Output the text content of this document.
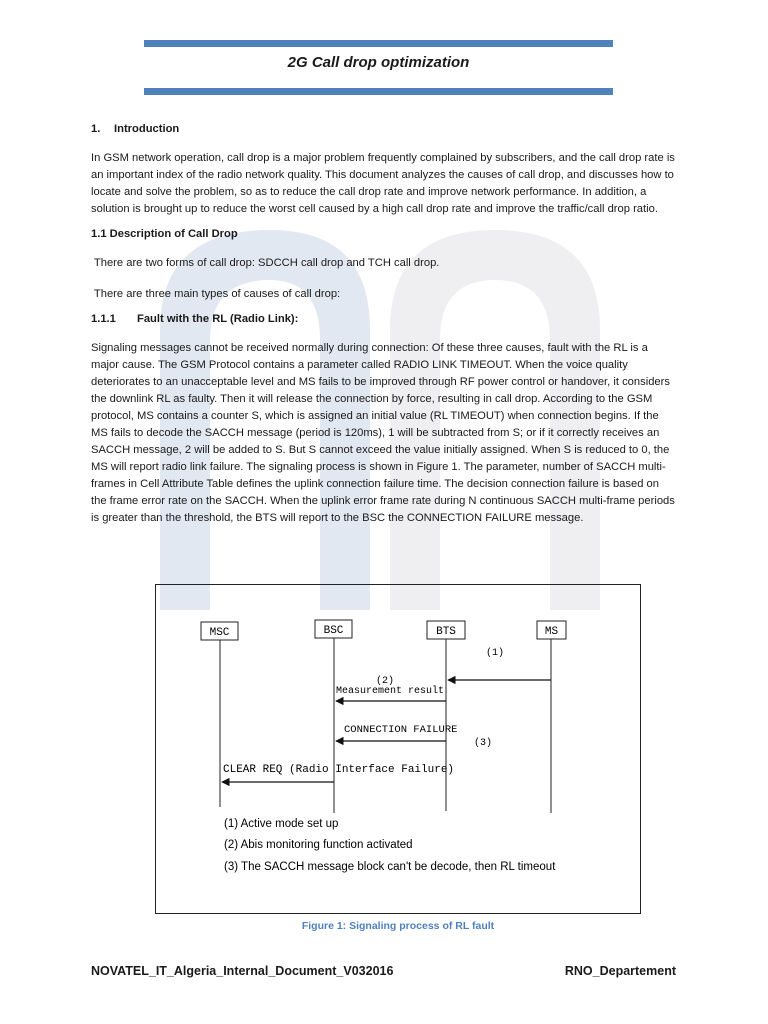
2G Call drop optimization

1. Introduction

In GSM network operation, call drop is a major problem frequently complained by subscribers, and the call drop rate is an important index of the radio network quality. This document analyzes the causes of call drop, and discusses how to locate and solve the problem, so as to reduce the call drop rate and improve network performance. In addition, a solution is brought up to reduce the worst cell caused by a high call drop rate and improve the traffic/call drop ratio.

1.1 Description of Call Drop

There are two forms of call drop: SDCCH call drop and TCH call drop.

There are three main types of causes of call drop:

1.1.1 Fault with the RL (Radio Link):

Signaling messages cannot be received normally during connection: Of these three causes, fault with the RL is a major cause. The GSM Protocol contains a parameter called RADIO LINK TIMEOUT. When the voice quality deteriorates to an unacceptable level and MS fails to be improved through RF power control or handover, it considers the downlink RL as faulty. Then it will release the connection by force, resulting in call drop. According to the GSM protocol, MS contains a counter S, which is assigned an initial value (RL TIMEOUT) when connection begins. If the MS fails to decode the SACCH message (period is 120ms), 1 will be subtracted from S; or if it correctly receives an SACCH message, 2 will be added to S. But S cannot exceed the value initially assigned. When S is reduced to 0, the MS will report radio link failure. The signaling process is shown in Figure 1. The parameter, number of SACCH multi-frames in Cell Attribute Table defines the uplink connection failure time. The decision connection failure is based on the frame error rate on the SACCH. When the uplink error frame rate during N continuous SACCH multi-frame periods is greater than the threshold, the BTS will report to the BSC the CONNECTION FAILURE message.

MSC	BSC	BTS	MS
(1)
(2)
Measurement result
CONNECTION FAILURE
(3)
CLEAR REQ (Radio Interface Failure)
(1) Active mode set up
(2) Abis monitoring function activated
(3) The SACCH message block can't be decode, then RL timeout
Figure 1: Signaling process of RL fault
NOVATEL_IT_Algeria_Internal_Document_V032016	RNO_Departement
